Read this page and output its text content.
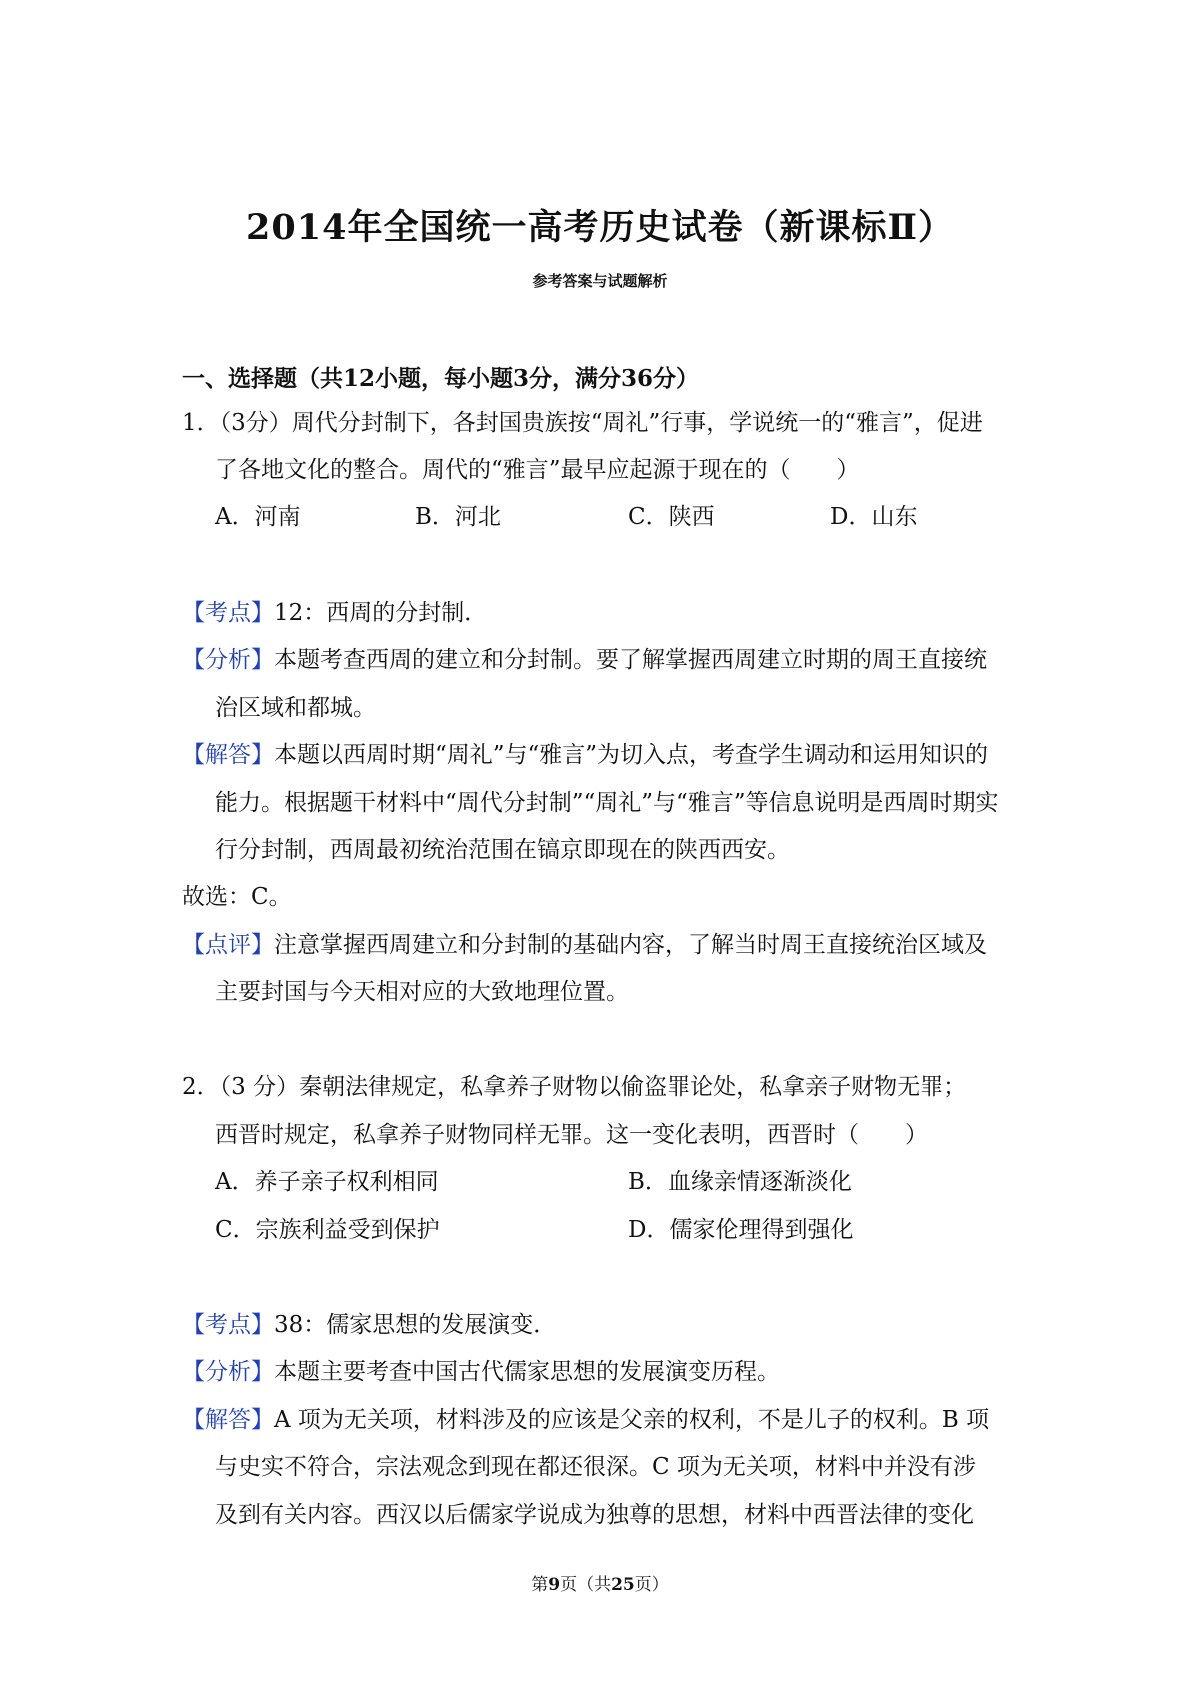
2014年全国统一高考历史试卷（新课标Ⅱ）
参考答案与试题解析
一、选择题（共12小题，每小题3分，满分36分）
1．（3分）周代分封制下，各封国贵族按“周礼”行事，学说统一的“雅言”，促进
了各地文化的整合。周代的“雅言”最早应起源于现在的（　　）
A．河南	B．河北	C．陕西	D．山东
【考点】12：西周的分封制．
【分析】本题考查西周的建立和分封制。要了解掌握西周建立时期的周王直接统
治区域和都城。
【解答】本题以西周时期“周礼”与“雅言”为切入点，考查学生调动和运用知识的
能力。根据题干材料中“周代分封制”“周礼”与“雅言”等信息说明是西周时期实
行分封制，西周最初统治范围在镐京即现在的陕西西安。
故选：C。
【点评】注意掌握西周建立和分封制的基础内容，了解当时周王直接统治区域及
主要封国与今天相对应的大致地理位置。
2．（3 分）秦朝法律规定，私拿养子财物以偷盗罪论处，私拿亲子财物无罪；
西晋时规定，私拿养子财物同样无罪。这一变化表明，西晋时（　　）
A．养子亲子权利相同	B．血缘亲情逐渐淡化
C．宗族利益受到保护	D．儒家伦理得到强化
【考点】38：儒家思想的发展演变．
【分析】本题主要考查中国古代儒家思想的发展演变历程。
【解答】A 项为无关项，材料涉及的应该是父亲的权利，不是儿子的权利。B 项
与史实不符合，宗法观念到现在都还很深。C 项为无关项，材料中并没有涉
及到有关内容。西汉以后儒家学说成为独尊的思想，材料中西晋法律的变化
第9页（共25页）
